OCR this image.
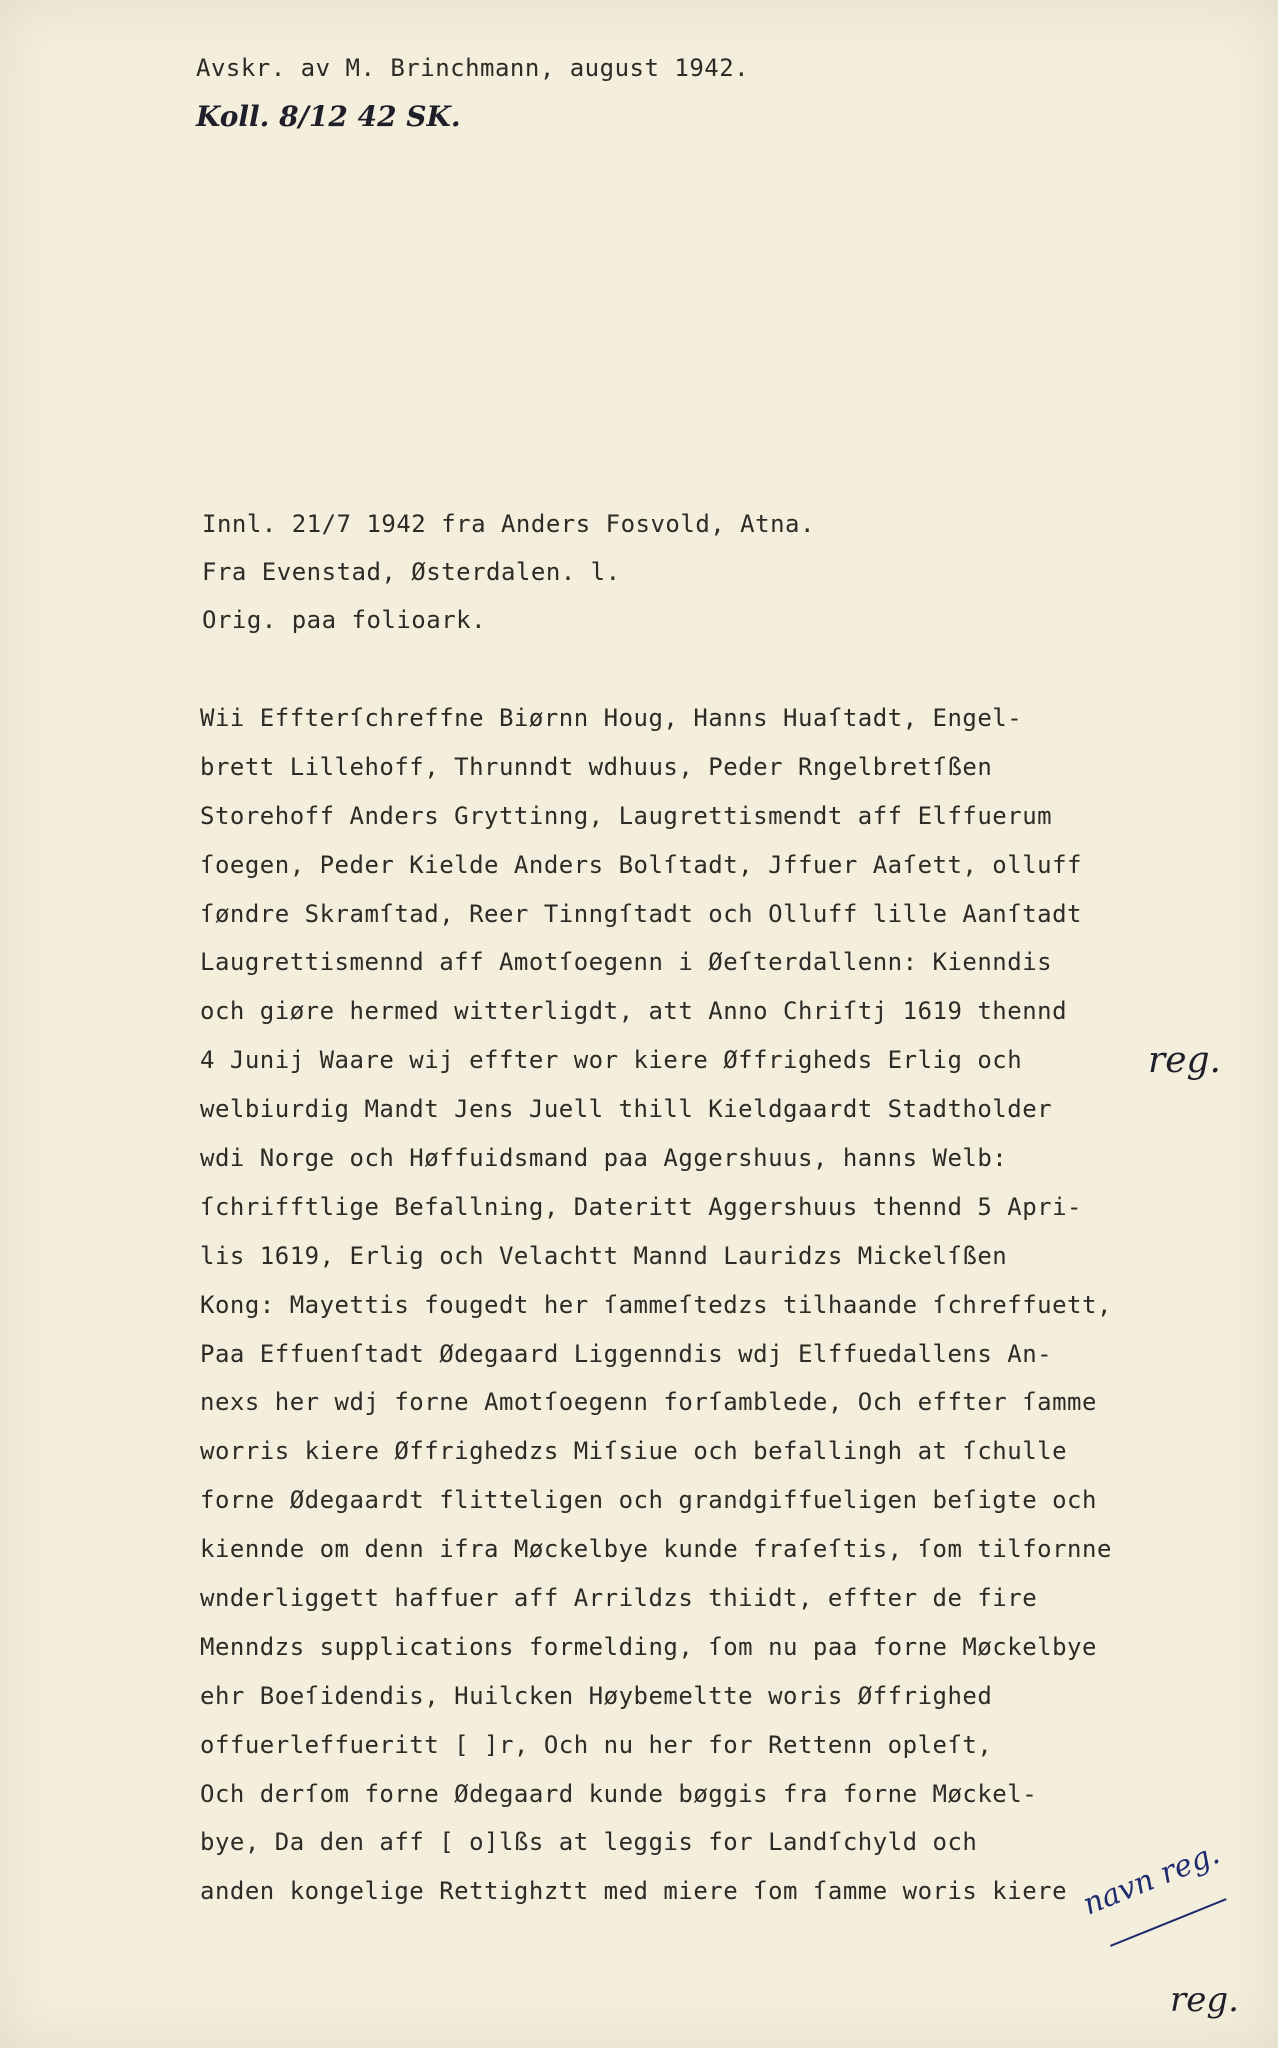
Avskr. av M. Brinchmann, august 1942.
Koll. 8/12 42 SK.
Innl. 21/7 1942 fra Anders Fosvold, Atna.
Fra Evenstad, Østerdalen. l.
Orig. paa folioark.
Wii Effterſchreffne Biørnn Houg, Hanns Huaſtadt, Engel-
brett Lillehoff, Thrunndt wdhuus, Peder Rngelbretſßen
Storehoff Anders Gryttinng, Laugrettismendt aff Elffuerum
ſoegen, Peder Kielde Anders Bolſtadt, Jffuer Aaſett, olluff
ſøndre Skramſtad, Reer Tinngſtadt och Olluff lille Aanſtadt
Laugrettismennd aff Amotſoegenn i Øeſterdallenn: Kienndis
och giøre hermed witterligdt, att Anno Chriſtj 1619 thennd
4 Junij Waare wij effter wor kiere Øffrigheds Erlig och
welbiurdig Mandt Jens Juell thill Kieldgaardt Stadtholder
wdi Norge och Høffuidsmand paa Aggershuus, hanns Welb:
ſchrifftlige Befallning, Dateritt Aggershuus thennd 5 Apri-
lis 1619, Erlig och Velachtt Mannd Lauridzs Mickelſßen
Kong: Mayettis fougedt her ſammeſtedzs tilhaande ſchreffuett,
Paa Effuenſtadt Ødegaard Liggenndis wdj Elffuedallens An-
nexs her wdj forne Amotſoegenn forſamblede, Och effter ſamme
worris kiere Øffrighedzs Miſsiue och befallingh at ſchulle
forne Ødegaardt flitteligen och grandgiffueligen beſigte och
kiennde om denn ifra Møckelbye kunde fraſeſtis, ſom tilfornne
wnderliggett haffuer aff Arrildzs thiidt, effter de fire
Menndzs supplications formelding, ſom nu paa forne Møckelbye
ehr Boeſidendis, Huilcken Høybemeltte woris Øffrighed
offuerleffueritt [ ]r, Och nu her for Rettenn opleſt,
Och derſom forne Ødegaard kunde bøggis fra forne Møckel-
bye, Da den aff [ o]lßs at leggis for Landſchyld och
anden kongelige Rettighztt med miere ſom ſamme woris kiere
reg.
navn reg.
reg.
